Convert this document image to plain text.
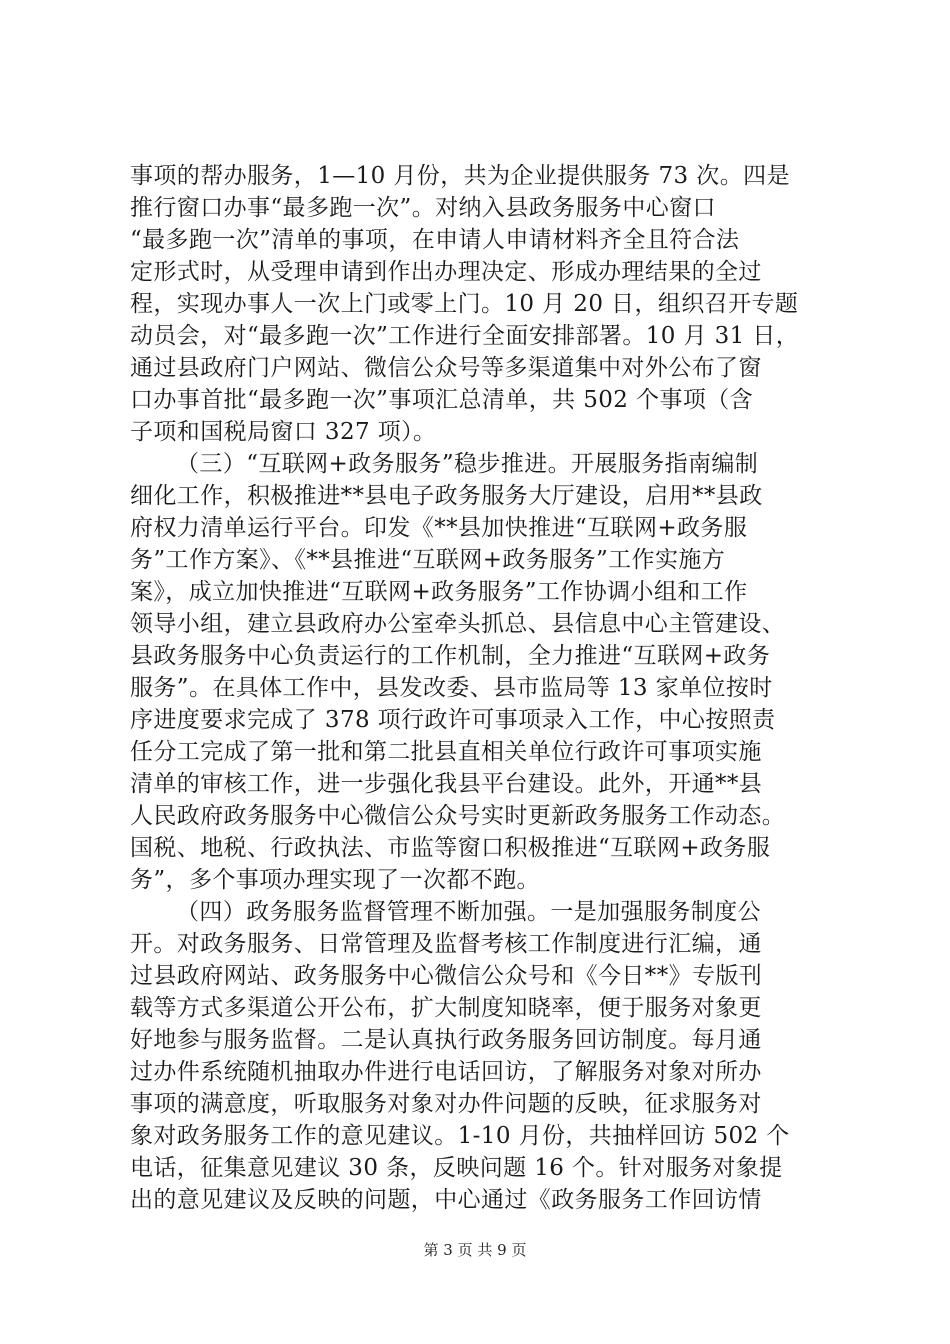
事项的帮办服务，1—10 月份，共为企业提供服务 73 次。四是
推行窗口办事“最多跑一次”。对纳入县政务服务中心窗口
“最多跑一次”清单的事项，在申请人申请材料齐全且符合法
定形式时，从受理申请到作出办理决定、形成办理结果的全过
程，实现办事人一次上门或零上门。10 月 20 日，组织召开专题
动员会，对“最多跑一次”工作进行全面安排部署。10 月 31 日，
通过县政府门户网站、微信公众号等多渠道集中对外公布了窗
口办事首批“最多跑一次”事项汇总清单，共 502 个事项（含
子项和国税局窗口 327 项）。
（三）“互联网+政务服务”稳步推进。开展服务指南编制
细化工作，积极推进**县电子政务服务大厅建设，启用**县政
府权力清单运行平台。印发《**县加快推进“互联网+政务服
务”工作方案》、《**县推进“互联网+政务服务”工作实施方
案》，成立加快推进“互联网+政务服务”工作协调小组和工作
领导小组，建立县政府办公室牵头抓总、县信息中心主管建设、
县政务服务中心负责运行的工作机制，全力推进“互联网+政务
服务”。在具体工作中，县发改委、县市监局等 13 家单位按时
序进度要求完成了 378 项行政许可事项录入工作，中心按照责
任分工完成了第一批和第二批县直相关单位行政许可事项实施
清单的审核工作，进一步强化我县平台建设。此外，开通**县
人民政府政务服务中心微信公众号实时更新政务服务工作动态。
国税、地税、行政执法、市监等窗口积极推进“互联网+政务服
务”，多个事项办理实现了一次都不跑。
（四）政务服务监督管理不断加强。一是加强服务制度公
开。对政务服务、日常管理及监督考核工作制度进行汇编，通
过县政府网站、政务服务中心微信公众号和《今日**》专版刊
载等方式多渠道公开公布，扩大制度知晓率，便于服务对象更
好地参与服务监督。二是认真执行政务服务回访制度。每月通
过办件系统随机抽取办件进行电话回访，了解服务对象对所办
事项的满意度，听取服务对象对办件问题的反映，征求服务对
象对政务服务工作的意见建议。1-10 月份，共抽样回访 502 个
电话，征集意见建议 30 条，反映问题 16 个。针对服务对象提
出的意见建议及反映的问题，中心通过《政务服务工作回访情
第 3 页 共 9 页
